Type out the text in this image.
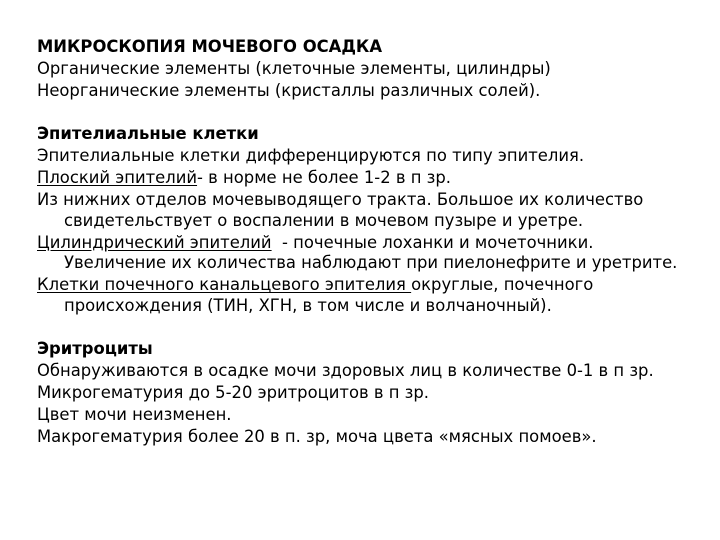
МИКРОСКОПИЯ МОЧЕВОГО ОСАДКА
Органические элементы (клеточные элементы, цилиндры)
Неорганические элементы (кристаллы различных солей).
Эпителиальные клетки
Эпителиальные клетки дифференцируются по типу эпителия.
Плоский эпителий- в норме не более 1-2 в п зр.
Из нижних отделов мочевыводящего тракта. Большое их количество свидетельствует о воспалении в мочевом пузыре и уретре.
Цилиндрический эпителий  - почечные лоханки и мочеточники. Увеличение их количества наблюдают при пиелонефрите и уретрите.
Клетки почечного канальцевого эпителия округлые, почечного происхождения (ТИН, ХГН, в том числе и волчаночный).
Эритроциты
Обнаруживаются в осадке мочи здоровых лиц в количестве 0-1 в п зр.
Микрогематурия до 5-20 эритроцитов в п зр.
Цвет мочи неизменен.
Макрогематурия более 20 в п. зр, моча цвета «мясных помоев».
